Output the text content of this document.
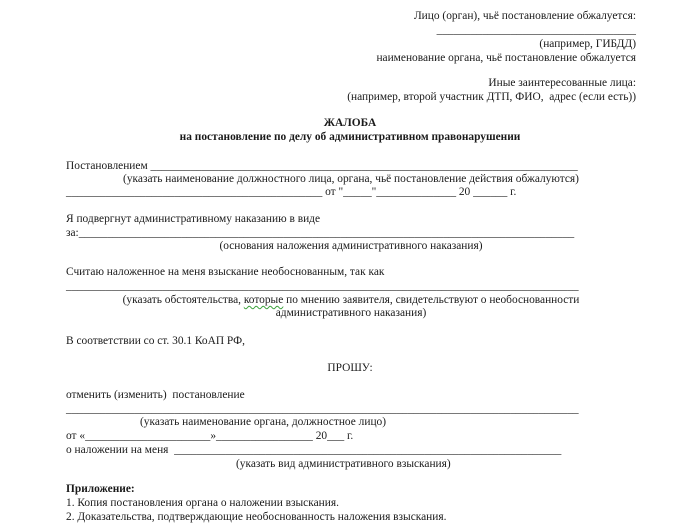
Лицо (орган), чьё постановление обжалуется:
___________________________________
(например, ГИБДД)
наименование органа, чьё постановление обжалуется
Иные заинтересованные лица:
(например, второй участник ДТП, ФИО,  адрес (если есть))
ЖАЛОБА
на постановление по делу об административном правонарушении
Постановлением ___________________________________________________________________________
(указать наименование должностного лица, органа, чьё постановление действия обжалуются)
_____________________________________________ от "_____"______________ 20 ______ г.
Я подвергнут административному наказанию в виде
за:_______________________________________________________________________________________
(основания наложения административного наказания)
Считаю наложенное на меня взыскание необоснованным, так как
__________________________________________________________________________________________
(указать обстоятельства, которые по мнению заявителя, свидетельствуют о необоснованности
административного наказания)
В соответствии со ст. 30.1 КоАП РФ,
ПРОШУ:
отменить (изменить)  постановление
__________________________________________________________________________________________
(указать наименование органа, должностное лицо)
от «______________________»_________________ 20___ г.
о наложении на меня  ____________________________________________________________________
(указать вид административного взыскания)
Приложение:
1. Копия постановления органа о наложении взыскания.
2. Доказательства, подтверждающие необоснованность наложения взыскания.
